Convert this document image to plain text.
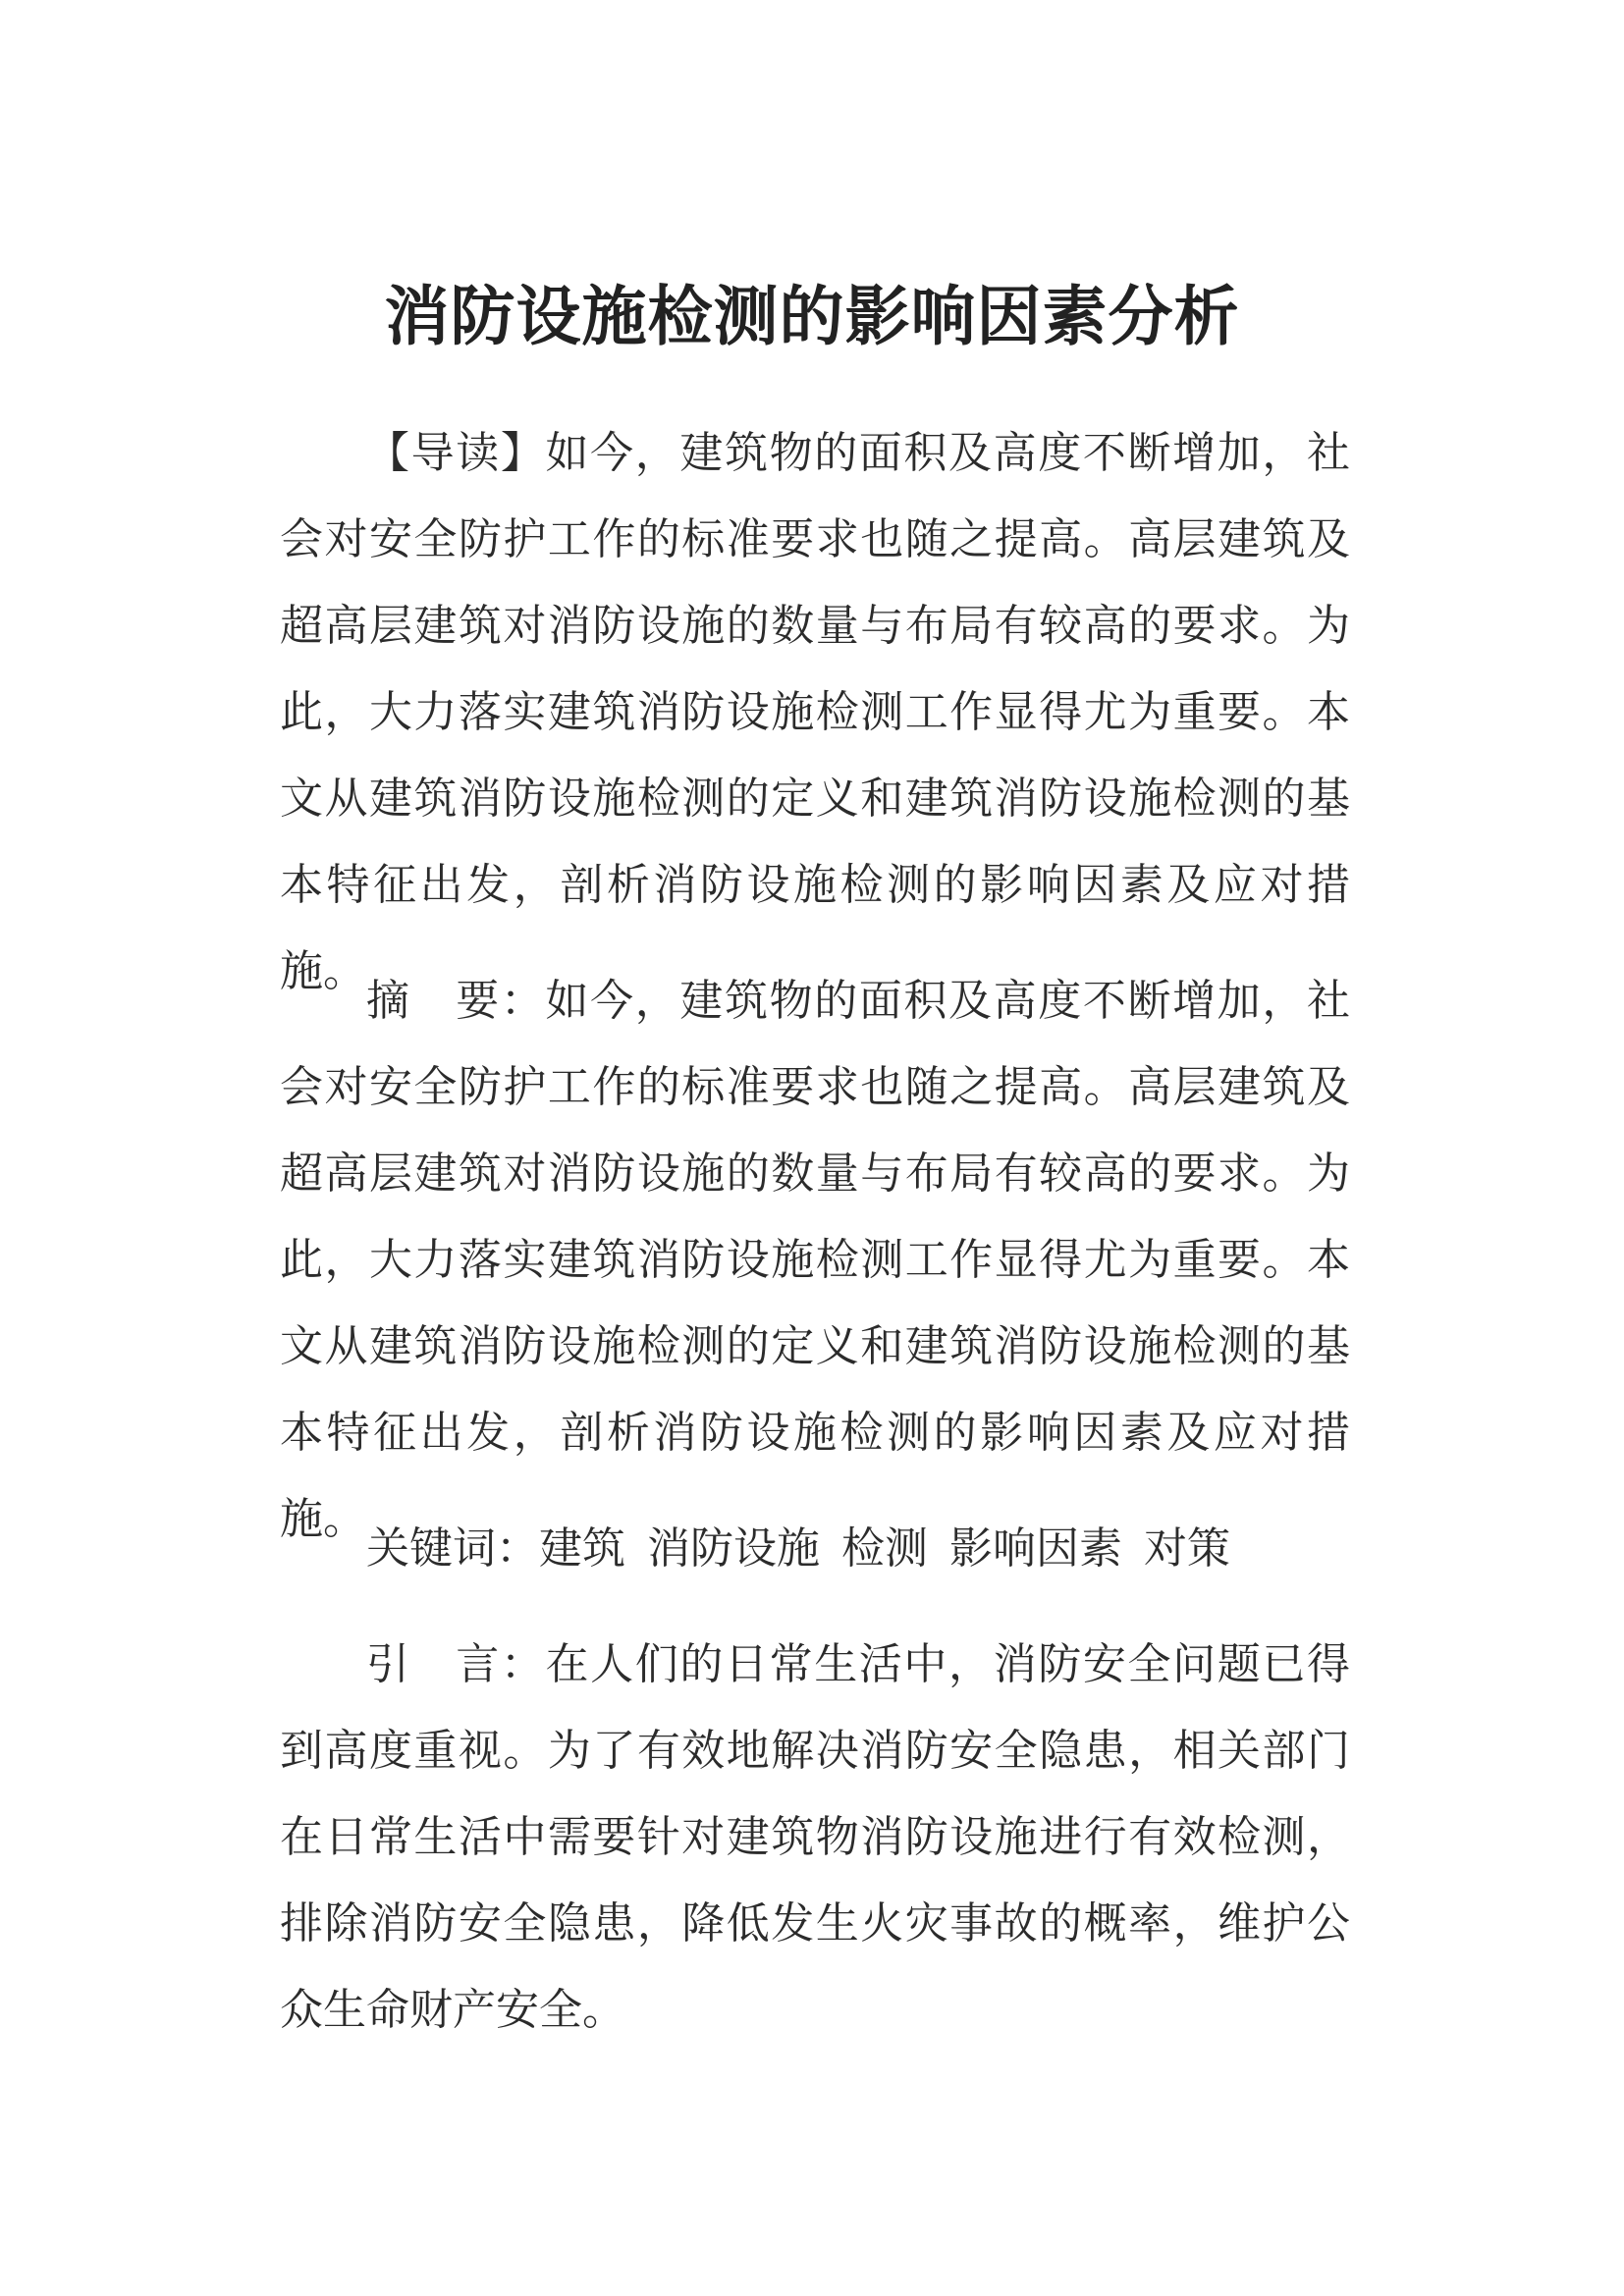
消防设施检测的影响因素分析

【导读】如今，建筑物的面积及高度不断增加，社会对安全防护工作的标准要求也随之提高。高层建筑及超高层建筑对消防设施的数量与布局有较高的要求。为此，大力落实建筑消防设施检测工作显得尤为重要。本文从建筑消防设施检测的定义和建筑消防设施检测的基本特征出发，剖析消防设施检测的影响因素及应对措施。

摘　要：如今，建筑物的面积及高度不断增加，社会对安全防护工作的标准要求也随之提高。高层建筑及超高层建筑对消防设施的数量与布局有较高的要求。为此，大力落实建筑消防设施检测工作显得尤为重要。本文从建筑消防设施检测的定义和建筑消防设施检测的基本特征出发，剖析消防设施检测的影响因素及应对措施。

关键词：建筑 消防设施 检测 影响因素 对策

引　言：在人们的日常生活中，消防安全问题已得到高度重视。为了有效地解决消防安全隐患，相关部门在日常生活中需要针对建筑物消防设施进行有效检测，排除消防安全隐患，降低发生火灾事故的概率，维护公众生命财产安全。
